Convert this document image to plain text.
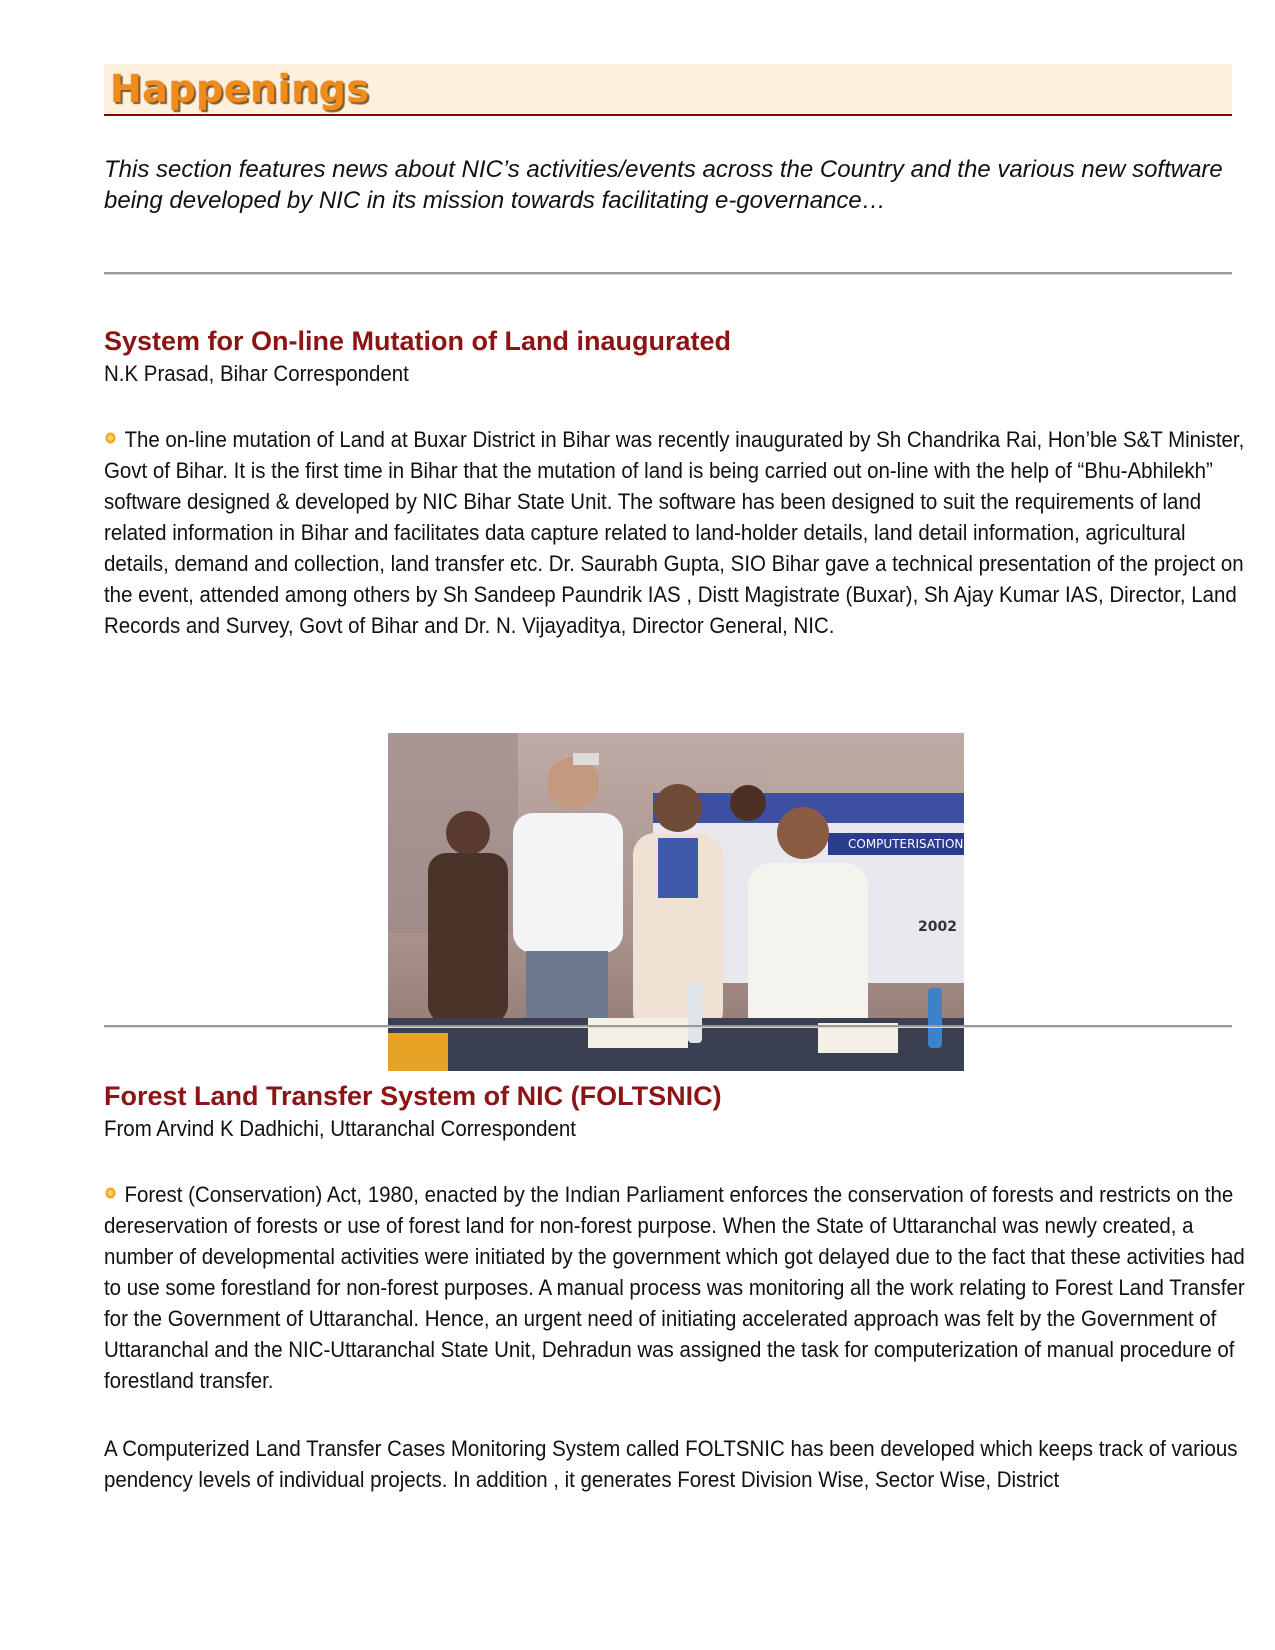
Happenings
This section features news about NIC’s activities/events across the Country and the various new software being developed by NIC in its mission towards facilitating e-governance…
System for On-line Mutation of Land inaugurated
N.K Prasad, Bihar Correspondent
The on-line mutation of Land at Buxar District in Bihar was recently inaugurated by Sh Chandrika Rai, Hon’ble S&T Minister, Govt of Bihar. It is the first time in Bihar that the mutation of land is being carried out on-line with the help of “Bhu-Abhilekh” software designed & developed by NIC Bihar State Unit. The software has been designed to suit the requirements of land related information in Bihar and facilitates data capture related to land-holder details, land detail information, agricultural details, demand and collection, land transfer etc. Dr. Saurabh Gupta, SIO Bihar gave a technical presentation of the project on the event, attended among others by Sh Sandeep Paundrik IAS , Distt Magistrate (Buxar), Sh Ajay Kumar IAS, Director, Land Records and Survey, Govt of Bihar and Dr. N. Vijayaditya, Director General, NIC.
COMPUTERISATION
2002
Forest Land Transfer System of NIC (FOLTSNIC)
From Arvind K Dadhichi, Uttaranchal Correspondent
Forest (Conservation) Act, 1980, enacted by the Indian Parliament enforces the conservation of forests and restricts on the dereservation of forests or use of forest land for non-forest purpose. When the State of Uttaranchal was newly created, a number of developmental activities were initiated by the government which got delayed due to the fact that these activities had to use some forestland for non-forest purposes. A manual process was monitoring all the work relating to Forest Land Transfer for the Government of Uttaranchal. Hence, an urgent need of initiating accelerated approach was felt by the Government of Uttaranchal and the NIC-Uttaranchal State Unit, Dehradun was assigned the task for computerization of manual procedure of forestland transfer.
A Computerized Land Transfer Cases Monitoring System called FOLTSNIC has been developed which keeps track of various pendency levels of individual projects. In addition , it generates Forest Division Wise, Sector Wise, District
